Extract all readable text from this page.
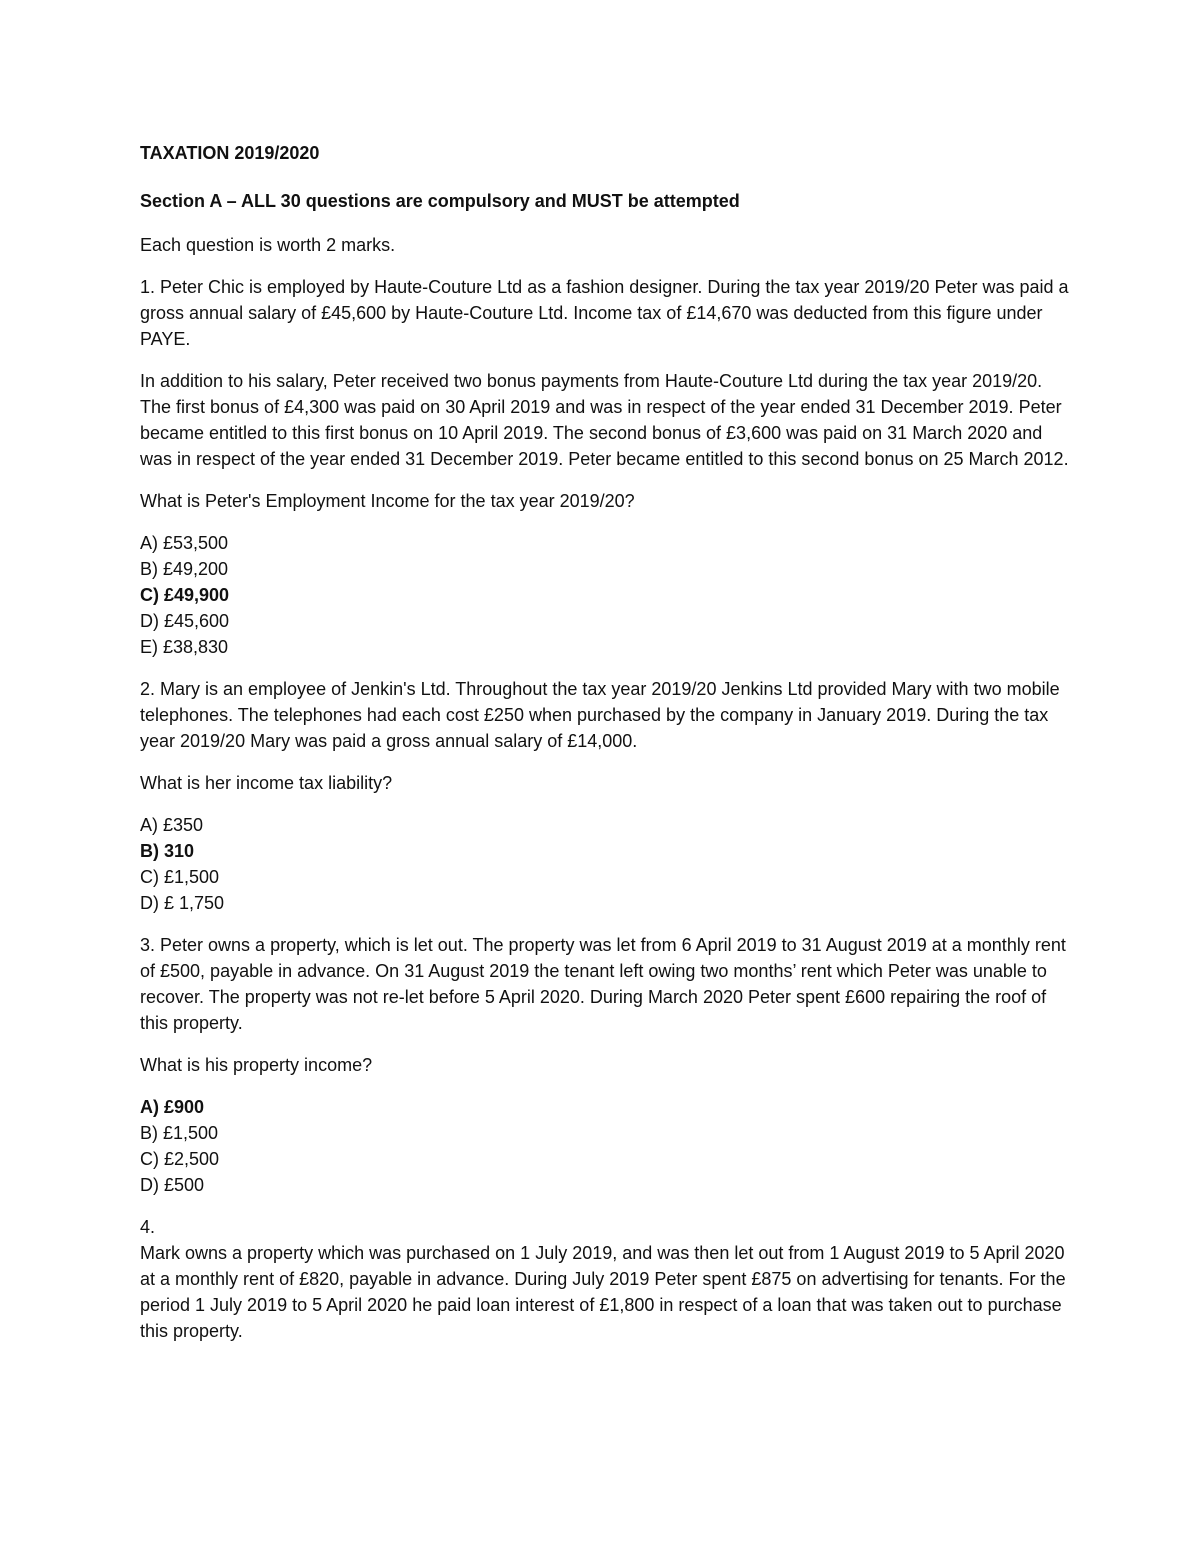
TAXATION 2019/2020

Section A – ALL 30 questions are compulsory and MUST be attempted

Each question is worth 2 marks.

1. Peter Chic is employed by Haute-Couture Ltd as a fashion designer. During the tax year 2019/20 Peter was paid a gross annual salary of £45,600 by Haute-Couture Ltd. Income tax of £14,670 was deducted from this figure under PAYE.

In addition to his salary, Peter received two bonus payments from Haute-Couture Ltd during the tax year 2019/20. The first bonus of £4,300 was paid on 30 April 2019 and was in respect of the year ended 31 December 2019. Peter became entitled to this first bonus on 10 April 2019. The second bonus of £3,600 was paid on 31 March 2020 and was in respect of the year ended 31 December 2019. Peter became entitled to this second bonus on 25 March 2012.

What is Peter's Employment Income for the tax year 2019/20?

A) £53,500
B) £49,200
C) £49,900
D) £45,600
E) £38,830

2. Mary is an employee of Jenkin's Ltd. Throughout the tax year 2019/20 Jenkins Ltd provided Mary with two mobile telephones. The telephones had each cost £250 when purchased by the company in January 2019. During the tax year 2019/20 Mary was paid a gross annual salary of £14,000.

What is her income tax liability?

A) £350
B) 310
C) £1,500
D) £ 1,750

3. Peter owns a property, which is let out. The property was let from 6 April 2019 to 31 August 2019 at a monthly rent of £500, payable in advance. On 31 August 2019 the tenant left owing two months’ rent which Peter was unable to recover. The property was not re-let before 5 April 2020. During March 2020 Peter spent £600 repairing the roof of this property.

What is his property income?

A) £900
B) £1,500
C) £2,500
D) £500

4.

Mark owns a property which was purchased on 1 July 2019, and was then let out from 1 August 2019 to 5 April 2020 at a monthly rent of £820, payable in advance. During July 2019 Peter spent £875 on advertising for tenants. For the period 1 July 2019 to 5 April 2020 he paid loan interest of £1,800 in respect of a loan that was taken out to purchase this property.
